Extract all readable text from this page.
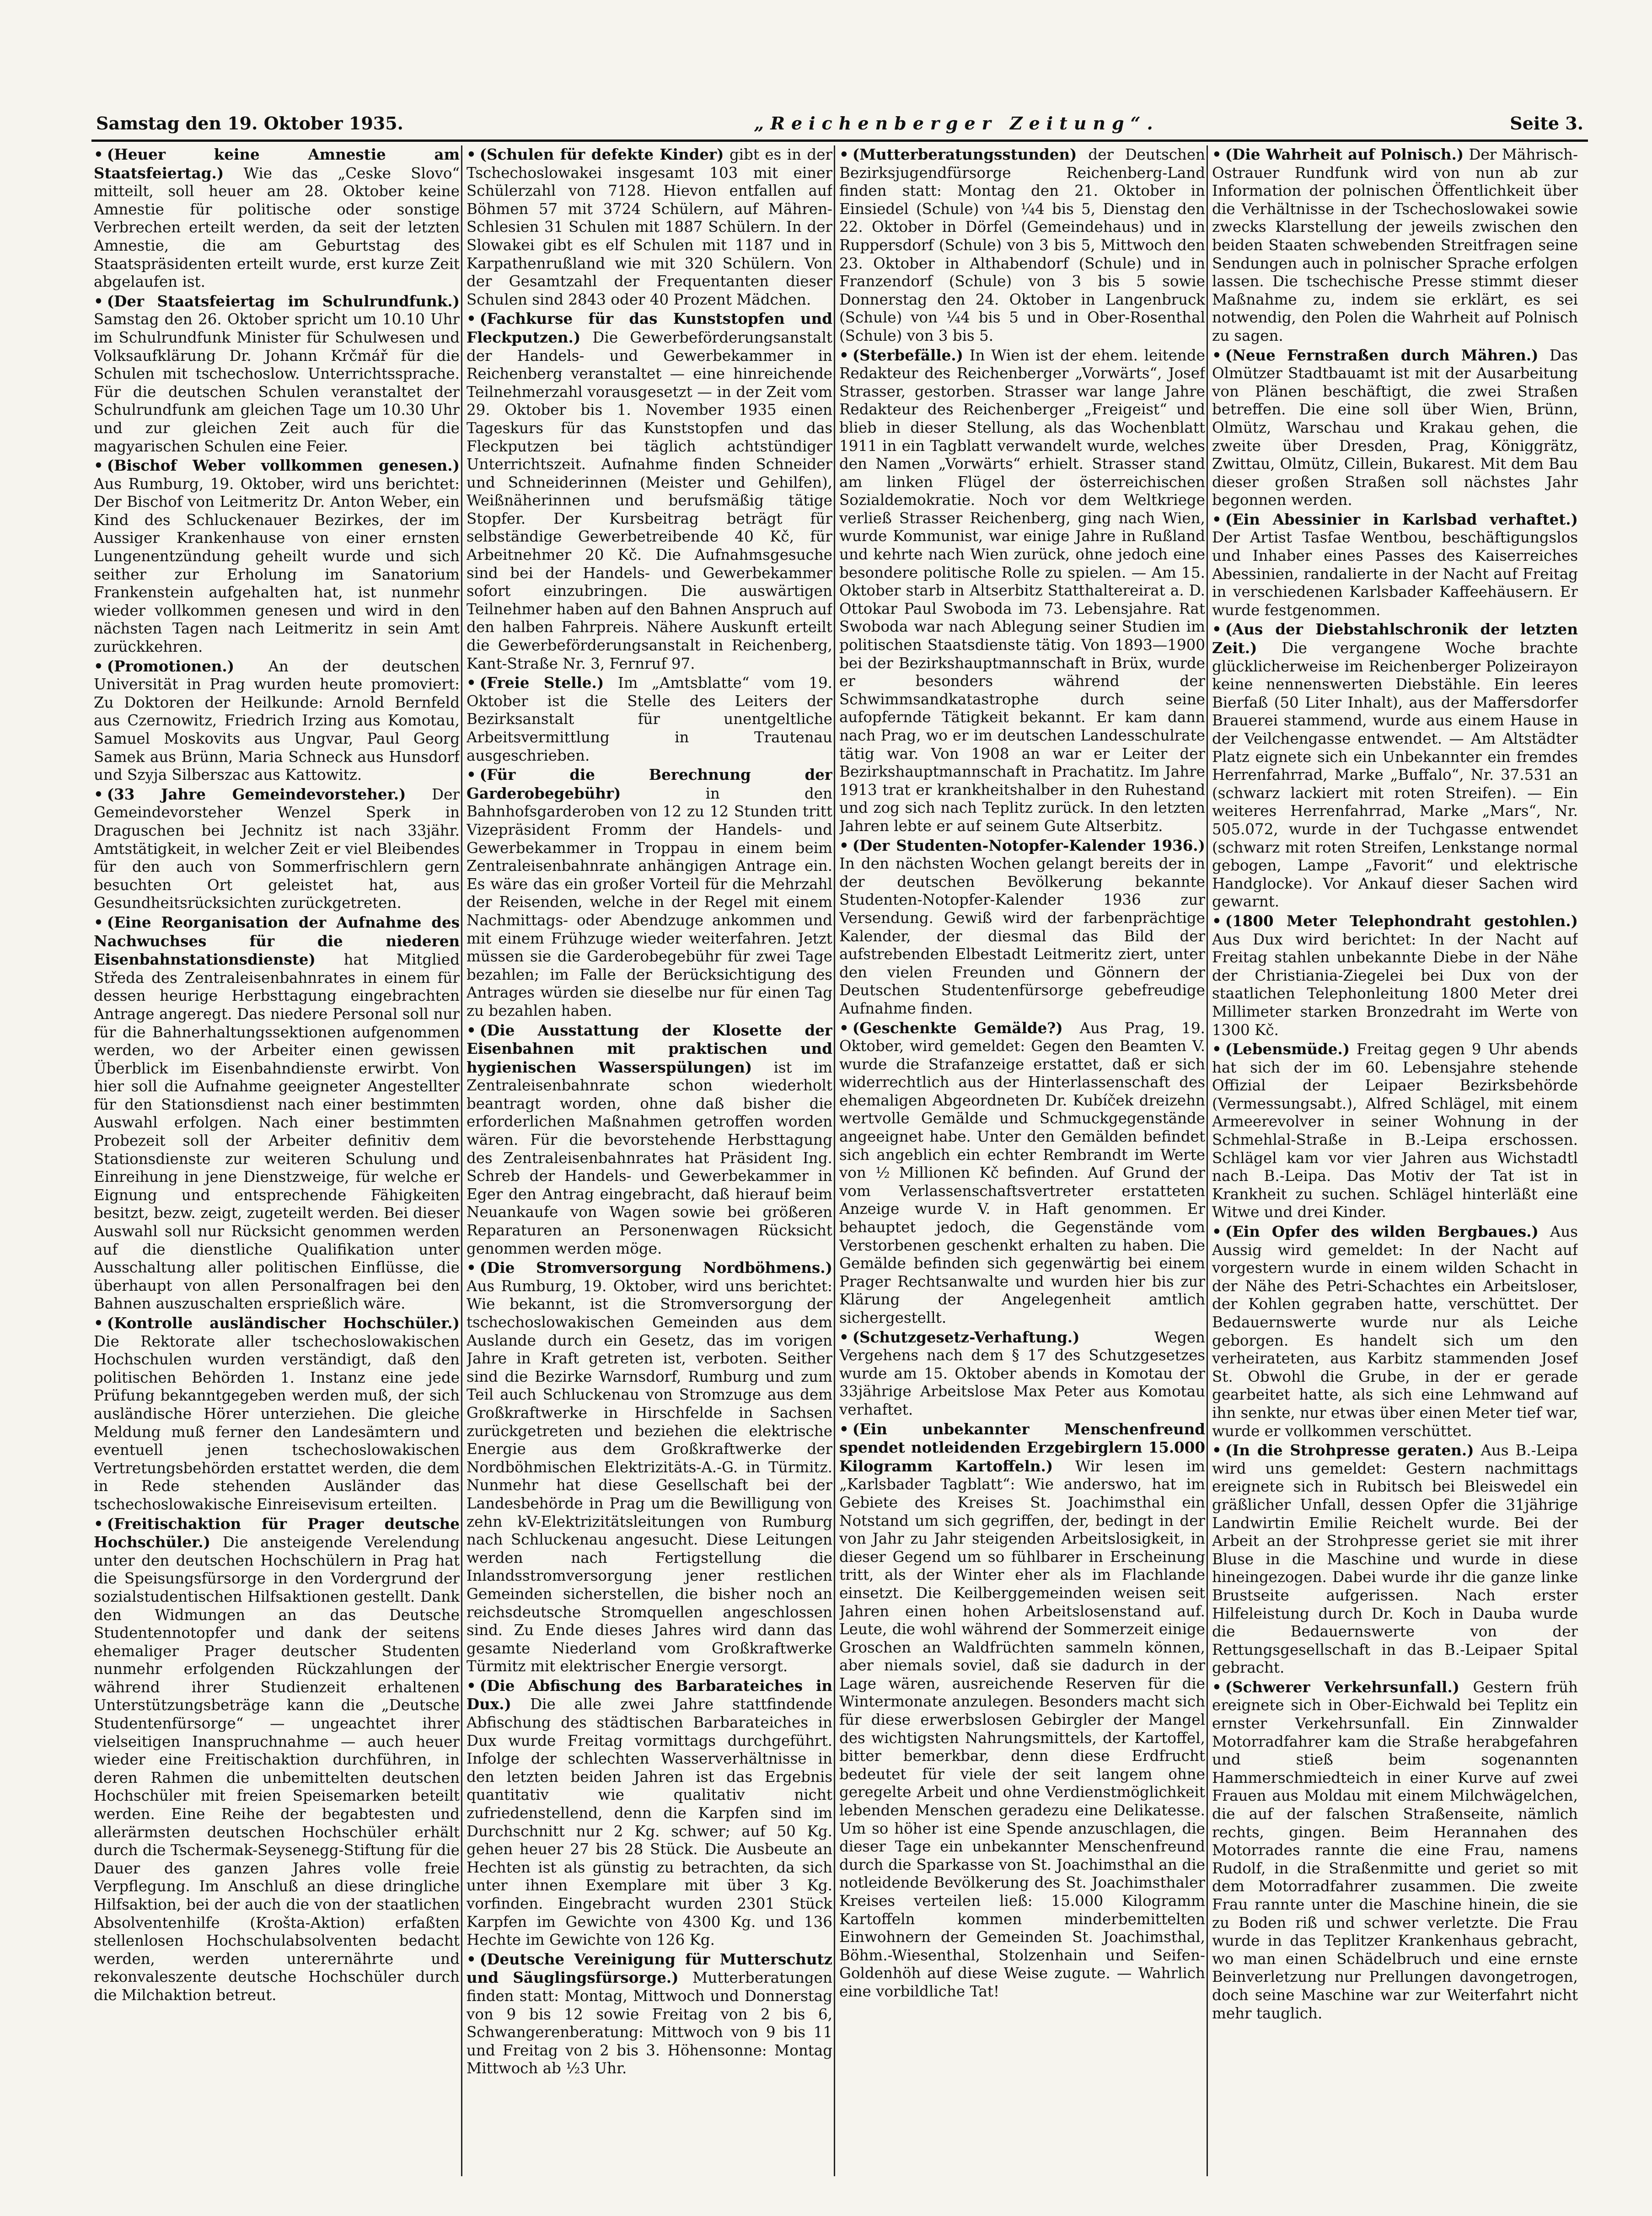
Samstag den 19. Oktober 1935.	„Reichenberger Zeitung“.	Seite 3.

• (Heuer keine Amnestie am Staatsfeiertag.) Wie das „Ceske Slovo“ mitteilt, soll heuer am 28. Oktober keine Amnestie für politische oder sonstige Verbrechen erteilt werden, da seit der letzten Amnestie, die am Geburtstag des Staatspräsidenten erteilt wurde, erst kurze Zeit abgelaufen ist.

• (Der Staatsfeiertag im Schulrundfunk.) Samstag den 26. Oktober spricht um 10.10 Uhr im Schulrundfunk Minister für Schulwesen und Volksaufklärung Dr. Johann Krčmář für die Schulen mit tschechoslow. Unterrichtssprache. Für die deutschen Schulen veranstaltet der Schulrundfunk am gleichen Tage um 10.30 Uhr und zur gleichen Zeit auch für die magyarischen Schulen eine Feier.

• (Bischof Weber vollkommen genesen.) Aus Rumburg, 19. Oktober, wird uns berichtet: Der Bischof von Leitmeritz Dr. Anton Weber, ein Kind des Schluckenauer Bezirkes, der im Aussiger Krankenhause von einer ernsten Lungenentzündung geheilt wurde und sich seither zur Erholung im Sanatorium Frankenstein aufgehalten hat, ist nunmehr wieder vollkommen genesen und wird in den nächsten Tagen nach Leitmeritz in sein Amt zurückkehren.

• (Promotionen.) An der deutschen Universität in Prag wurden heute promoviert: Zu Doktoren der Heilkunde: Arnold Bernfeld aus Czernowitz, Friedrich Irzing aus Komotau, Samuel Moskovits aus Ungvar, Paul Georg Samek aus Brünn, Maria Schneck aus Hunsdorf und Szyja Silberszac aus Kattowitz.

• (33 Jahre Gemeindevorsteher.) Der Gemeindevorsteher Wenzel Sperk in Draguschen bei Jechnitz ist nach 33jähr. Amtstätigkeit, in welcher Zeit er viel Bleibendes für den auch von Sommerfrischlern gern besuchten Ort geleistet hat, aus Gesundheitsrücksichten zurückgetreten.

• (Eine Reorganisation der Aufnahme des Nachwuchses für die niederen Eisenbahnstationsdienste) hat Mitglied Středa des Zentraleisenbahnrates in einem für dessen heurige Herbsttagung eingebrachten Antrage angeregt. Das niedere Personal soll nur für die Bahnerhaltungssektionen aufgenommen werden, wo der Arbeiter einen gewissen Überblick im Eisenbahndienste erwirbt. Von hier soll die Aufnahme geeigneter Angestellter für den Stationsdienst nach einer bestimmten Auswahl erfolgen. Nach einer bestimmten Probezeit soll der Arbeiter definitiv dem Stationsdienste zur weiteren Schulung und Einreihung in jene Dienstzweige, für welche er Eignung und entsprechende Fähigkeiten besitzt, bezw. zeigt, zugeteilt werden. Bei dieser Auswahl soll nur Rücksicht genommen werden auf die dienstliche Qualifikation unter Ausschaltung aller politischen Einflüsse, die überhaupt von allen Personalfragen bei den Bahnen auszuschalten ersprießlich wäre.

• (Kontrolle ausländischer Hochschüler.) Die Rektorate aller tschechoslowakischen Hochschulen wurden verständigt, daß den politischen Behörden 1. Instanz eine jede Prüfung bekanntgegeben werden muß, der sich ausländische Hörer unterziehen. Die gleiche Meldung muß ferner den Landesämtern und eventuell jenen tschechoslowakischen Vertretungsbehörden erstattet werden, die dem in Rede stehenden Ausländer das tschechoslowakische Einreisevisum erteilten.

• (Freitischaktion für Prager deutsche Hochschüler.) Die ansteigende Verelendung unter den deutschen Hochschülern in Prag hat die Speisungsfürsorge in den Vordergrund der sozialstudentischen Hilfsaktionen gestellt. Dank den Widmungen an das Deutsche Studentennotopfer und dank der seitens ehemaliger Prager deutscher Studenten nunmehr erfolgenden Rückzahlungen der während ihrer Studienzeit erhaltenen Unterstützungsbeträge kann die „Deutsche Studentenfürsorge“ — ungeachtet ihrer vielseitigen Inanspruchnahme — auch heuer wieder eine Freitischaktion durchführen, in deren Rahmen die unbemittelten deutschen Hochschüler mit freien Speisemarken beteilt werden. Eine Reihe der begabtesten und allerärmsten deutschen Hochschüler erhält durch die Tschermak-Seysenegg-Stiftung für die Dauer des ganzen Jahres volle freie Verpflegung. Im Anschluß an diese dringliche Hilfsaktion, bei der auch die von der staatlichen Absolventenhilfe (Krošta-Aktion) erfaßten stellenlosen Hochschulabsolventen bedacht werden, werden unterernährte und rekonvaleszente deutsche Hochschüler durch die Milchaktion betreut.

• (Schulen für defekte Kinder) gibt es in der Tschechoslowakei insgesamt 103 mit einer Schülerzahl von 7128. Hievon entfallen auf Böhmen 57 mit 3724 Schülern, auf Mähren-Schlesien 31 Schulen mit 1887 Schülern. In der Slowakei gibt es elf Schulen mit 1187 und in Karpathenrußland wie mit 320 Schülern. Von der Gesamtzahl der Frequentanten dieser Schulen sind 2843 oder 40 Prozent Mädchen.

• (Fachkurse für das Kunststopfen und Fleckputzen.) Die Gewerbeförderungsanstalt der Handels- und Gewerbekammer in Reichenberg veranstaltet — eine hinreichende Teilnehmerzahl vorausgesetzt — in der Zeit vom 29. Oktober bis 1. November 1935 einen Tageskurs für das Kunststopfen und das Fleckputzen bei täglich achtstündiger Unterrichtszeit. Aufnahme finden Schneider und Schneiderinnen (Meister und Gehilfen), Weißnäherinnen und berufsmäßig tätige Stopfer. Der Kursbeitrag beträgt für selbständige Gewerbetreibende 40 Kč, für Arbeitnehmer 20 Kč. Die Aufnahmsgesuche sind bei der Handels- und Gewerbekammer sofort einzubringen. Die auswärtigen Teilnehmer haben auf den Bahnen Anspruch auf den halben Fahrpreis. Nähere Auskunft erteilt die Gewerbeförderungsanstalt in Reichenberg, Kant-Straße Nr. 3, Fernruf 97.

• (Freie Stelle.) Im „Amtsblatte“ vom 19. Oktober ist die Stelle des Leiters der Bezirksanstalt für unentgeltliche Arbeitsvermittlung in Trautenau ausgeschrieben.

• (Für die Berechnung der Garderobegebühr)	in den Bahnhofsgarderoben von 12 zu 12 Stunden tritt Vizepräsident Fromm der Handels- und Gewerbekammer in Troppau in einem beim Zentraleisenbahnrate anhängigen Antrage ein. Es wäre das ein großer Vorteil für die Mehrzahl der Reisenden, welche in der Regel mit einem Nachmittags- oder Abendzuge ankommen und mit einem Frühzuge wieder weiterfahren. Jetzt müssen sie die Garderobegebühr für zwei Tage bezahlen; im Falle der Berücksichtigung des Antrages würden sie dieselbe nur für einen Tag zu bezahlen haben.

• (Die Ausstattung der Klosette der Eisenbahnen mit praktischen und hygienischen Wasserspülungen) ist im Zentraleisenbahnrate schon wiederholt beantragt worden, ohne daß bisher die erforderlichen Maßnahmen getroffen worden wären. Für die bevorstehende Herbsttagung des Zentraleisenbahnrates hat Präsident Ing. Schreb der Handels- und Gewerbekammer in Eger den Antrag eingebracht, daß hierauf beim Neuankaufe von Wagen sowie bei größeren Reparaturen an Personenwagen Rücksicht genommen werden möge.

• (Die Stromversorgung Nordböhmens.) Aus Rumburg, 19. Oktober, wird uns berichtet: Wie bekannt, ist die Stromversorgung der tschechoslowakischen Gemeinden aus dem Auslande durch ein Gesetz, das im vorigen Jahre in Kraft getreten ist, verboten. Seither sind die Bezirke Warnsdorf, Rumburg und zum Teil auch Schluckenau von Stromzuge aus dem Großkraftwerke in Hirschfelde in Sachsen zurückgetreten und beziehen die elektrische Energie aus dem Großkraftwerke der Nordböhmischen Elektrizitäts-A.-G. in Türmitz. Nunmehr hat diese Gesellschaft bei der Landesbehörde in Prag um die Bewilligung von zehn kV-Elektrizitätsleitungen von Rumburg nach Schluckenau angesucht. Diese Leitungen werden nach Fertigstellung die Inlandsstromversorgung jener restlichen Gemeinden sicherstellen, die bisher noch an reichsdeutsche Stromquellen angeschlossen sind. Zu Ende dieses Jahres wird dann das gesamte Niederland vom Großkraftwerke Türmitz mit elektrischer Energie versorgt.

• (Die Abfischung des Barbarateiches in Dux.) Die alle zwei Jahre stattfindende Abfischung des städtischen Barbarateiches in Dux wurde Freitag vormittags durchgeführt. Infolge der schlechten Wasserverhältnisse in den letzten beiden Jahren ist das Ergebnis quantitativ wie qualitativ nicht zufriedenstellend, denn die Karpfen sind im Durchschnitt nur 2 Kg. schwer; auf 50 Kg. gehen heuer 27 bis 28 Stück. Die Ausbeute an Hechten ist als günstig zu betrachten, da sich unter ihnen Exemplare mit über 3 Kg. vorfinden. Eingebracht wurden 2301 Stück Karpfen im Gewichte von 4300 Kg. und 136 Hechte im Gewichte von 126 Kg.

• (Deutsche Vereinigung für Mutterschutz und Säuglingsfürsorge.) Mutterberatungen finden statt: Montag, Mittwoch und Donnerstag von 9 bis 12 sowie Freitag von 2 bis 6, Schwangerenberatung: Mittwoch von 9 bis 11 und Freitag von 2 bis 3. Höhensonne: Montag Mittwoch ab ½3 Uhr.

• (Mutterberatungsstunden) der Deutschen Bezirksjugendfürsorge Reichenberg-Land finden statt: Montag den 21. Oktober in Einsiedel (Schule) von ¼4 bis 5, Dienstag den 22. Oktober in Dörfel (Gemeindehaus) und in Ruppersdorf (Schule) von 3 bis 5, Mittwoch den 23. Oktober in Althabendorf (Schule) und in Franzendorf (Schule) von 3 bis 5 sowie Donnerstag den 24. Oktober in Langenbruck (Schule) von ¼4 bis 5 und in Ober-Rosenthal (Schule) von 3 bis 5.

• (Sterbefälle.) In Wien ist der ehem. leitende Redakteur des Reichenberger „Vorwärts“, Josef Strasser, gestorben. Strasser war lange Jahre Redakteur des Reichenberger „Freigeist“ und blieb in dieser Stellung, als das Wochenblatt 1911 in ein Tagblatt verwandelt wurde, welches den Namen „Vorwärts“ erhielt. Strasser stand am linken Flügel der österreichischen Sozialdemokratie. Noch vor dem Weltkriege verließ Strasser Reichenberg, ging nach Wien, wurde Kommunist, war einige Jahre in Rußland und kehrte nach Wien zurück, ohne jedoch eine besondere politische Rolle zu spielen. — Am 15. Oktober starb in Altserbitz Statthaltereirat a. D. Ottokar Paul Swoboda im 73. Lebensjahre. Rat Swoboda war nach Ablegung seiner Studien im politischen Staatsdienste tätig. Von 1893—1900 bei der Bezirkshauptmannschaft in Brüx, wurde er besonders während der Schwimmsandkatastrophe durch seine aufopfernde Tätigkeit bekannt. Er kam dann nach Prag, wo er im deutschen Landesschulrate tätig war. Von 1908 an war er Leiter der Bezirkshauptmannschaft in Prachatitz. Im Jahre 1913 trat er krankheitshalber in den Ruhestand und zog sich nach Teplitz zurück. In den letzten Jahren lebte er auf seinem Gute Altserbitz.

• (Der Studenten-Notopfer-Kalender 1936.) In den nächsten Wochen gelangt bereits der in der deutschen Bevölkerung bekannte Studenten-Notopfer-Kalender 1936 zur Versendung. Gewiß wird der farbenprächtige Kalender, der diesmal das Bild der aufstrebenden Elbestadt Leitmeritz ziert, unter den vielen Freunden und Gönnern der Deutschen Studentenfürsorge gebefreudige Aufnahme finden.

• (Geschenkte Gemälde?) Aus Prag, 19. Oktober, wird gemeldet: Gegen den Beamten V. wurde die Strafanzeige erstattet, daß er sich widerrechtlich aus der Hinterlassenschaft des ehemaligen Abgeordneten Dr. Kubíček dreizehn wertvolle Gemälde und Schmuckgegenstände angeeignet habe. Unter den Gemälden befindet sich angeblich ein echter Rembrandt im Werte von ½ Millionen Kč befinden. Auf Grund der vom Verlassenschaftsvertreter erstatteten Anzeige wurde V. in Haft genommen. Er behauptet jedoch, die Gegenstände vom Verstorbenen geschenkt erhalten zu haben. Die Gemälde befinden sich gegenwärtig bei einem Prager Rechtsanwalte und wurden hier bis zur Klärung der Angelegenheit amtlich sichergestellt.

• (Schutzgesetz-Verhaftung.)	Wegen Vergehens nach dem § 17 des Schutzgesetzes wurde am 15. Oktober abends in Komotau der 33jährige Arbeitslose Max Peter aus Komotau verhaftet.

• (Ein unbekannter Menschenfreund spendet notleidenden Erzgebirglern 15.000 Kilogramm Kartoffeln.) Wir lesen im „Karlsbader Tagblatt“: Wie anderswo, hat im Gebiete des Kreises St. Joachimsthal ein Notstand um sich gegriffen, der, bedingt in der von Jahr zu Jahr steigenden Arbeitslosigkeit, in dieser Gegend um so fühlbarer in Erscheinung tritt, als der Winter eher als im Flachlande einsetzt. Die Keilberggemeinden weisen seit Jahren einen hohen Arbeitslosenstand auf. Leute, die wohl während der Sommerzeit einige Groschen an Waldfrüchten sammeln können, aber niemals soviel, daß sie dadurch in der Lage wären, ausreichende Reserven für die Wintermonate anzulegen. Besonders macht sich für diese erwerbslosen Gebirgler der Mangel des wichtigsten Nahrungsmittels, der Kartoffel, bitter bemerkbar, denn diese Erdfrucht bedeutet für viele der seit langem ohne geregelte Arbeit und ohne Verdienstmöglichkeit lebenden Menschen geradezu eine Delikatesse. Um so höher ist eine Spende anzuschlagen, die dieser Tage ein unbekannter Menschenfreund durch die Sparkasse von St. Joachimsthal an die notleidende Bevölkerung des St. Joachimsthaler Kreises verteilen ließ: 15.000 Kilogramm Kartoffeln kommen minderbemittelten Einwohnern der Gemeinden St. Joachimsthal, Böhm.-Wiesenthal, Stolzenhain und Seifen-Goldenhöh auf diese Weise zugute. — Wahrlich eine vorbildliche Tat!

• (Die Wahrheit auf Polnisch.) Der Mährisch-Ostrauer Rundfunk wird von nun ab zur Information der polnischen Öffentlichkeit über die Verhältnisse in der Tschechoslowakei sowie zwecks Klarstellung der jeweils zwischen den beiden Staaten schwebenden Streitfragen seine Sendungen auch in polnischer Sprache erfolgen lassen. Die tschechische Presse stimmt dieser Maßnahme zu, indem sie erklärt, es sei notwendig, den Polen die Wahrheit auf Polnisch zu sagen.

• (Neue Fernstraßen durch Mähren.) Das Olmützer Stadtbauamt ist mit der Ausarbeitung von Plänen beschäftigt, die zwei Straßen betreffen. Die eine soll über Wien, Brünn, Olmütz, Warschau und Krakau gehen, die zweite über Dresden, Prag, Königgrätz, Zwittau, Olmütz, Cillein, Bukarest. Mit dem Bau dieser großen Straßen soll nächstes Jahr begonnen werden.

• (Ein Abessinier in Karlsbad verhaftet.) Der Artist Tasfae Wentbou, beschäftigungslos und Inhaber eines Passes des Kaiserreiches Abessinien, randalierte in der Nacht auf Freitag in verschiedenen Karlsbader Kaffeehäusern. Er wurde festgenommen.

• (Aus der Diebstahlschronik der letzten Zeit.) Die vergangene Woche brachte glücklicherweise im Reichenberger Polizeirayon keine nennenswerten Diebstähle. Ein leeres Bierfaß (50 Liter Inhalt), aus der Maffersdorfer Brauerei stammend, wurde aus einem Hause in der Veilchengasse entwendet. — Am Altstädter Platz eignete sich ein Unbekannter ein fremdes Herrenfahrrad, Marke „Buffalo“, Nr. 37.531 an (schwarz lackiert mit roten Streifen). — Ein weiteres Herrenfahrrad, Marke „Mars“, Nr. 505.072, wurde in der Tuchgasse entwendet (schwarz mit roten Streifen, Lenkstange normal gebogen, Lampe „Favorit“ und elektrische Handglocke). Vor Ankauf dieser Sachen wird gewarnt.

• (1800 Meter Telephondraht gestohlen.) Aus Dux wird berichtet: In der Nacht auf Freitag stahlen unbekannte Diebe in der Nähe der Christiania-Ziegelei bei Dux von der staatlichen Telephonleitung 1800 Meter drei Millimeter starken Bronzedraht im Werte von 1300 Kč.

• (Lebensmüde.) Freitag gegen 9 Uhr abends hat sich der im 60. Lebensjahre stehende Offizial der Leipaer Bezirksbehörde (Vermessungsabt.), Alfred Schlägel, mit einem Armeerevolver in seiner Wohnung in der Schmehlal-Straße in B.-Leipa erschossen. Schlägel kam vor vier Jahren aus Wichstadtl nach B.-Leipa. Das Motiv der Tat ist in Krankheit zu suchen. Schlägel hinterläßt eine Witwe und drei Kinder.

• (Ein Opfer des wilden Bergbaues.) Aus Aussig wird gemeldet: In der Nacht auf vorgestern wurde in einem wilden Schacht in der Nähe des Petri-Schachtes ein Arbeitsloser, der Kohlen gegraben hatte, verschüttet. Der Bedauernswerte wurde nur als Leiche geborgen. Es handelt sich um den verheirateten, aus Karbitz stammenden Josef St. Obwohl die Grube, in der er gerade gearbeitet hatte, als sich eine Lehmwand auf ihn senkte, nur etwas über einen Meter tief war, wurde er vollkommen verschüttet.

• (In die Strohpresse geraten.) Aus B.-Leipa wird uns gemeldet: Gestern nachmittags ereignete sich in Rubitsch bei Bleiswedel ein gräßlicher Unfall, dessen Opfer die 31jährige Landwirtin Emilie Reichelt wurde. Bei der Arbeit an der Strohpresse geriet sie mit ihrer Bluse in die Maschine und wurde in diese hineingezogen. Dabei wurde ihr die ganze linke Brustseite aufgerissen. Nach erster Hilfeleistung durch Dr. Koch in Dauba wurde die Bedauernswerte von der Rettungsgesellschaft in das B.-Leipaer Spital gebracht.

• (Schwerer Verkehrsunfall.) Gestern früh ereignete sich in Ober-Eichwald bei Teplitz ein ernster Verkehrsunfall. Ein Zinnwalder Motorradfahrer kam die Straße herabgefahren und stieß beim sogenannten Hammerschmiedteich in einer Kurve auf zwei Frauen aus Moldau mit einem Milchwägelchen, die auf der falschen Straßenseite, nämlich rechts, gingen. Beim Herannahen des Motorrades rannte die eine Frau, namens Rudolf, in die Straßenmitte und geriet so mit dem Motorradfahrer zusammen. Die zweite Frau rannte unter die Maschine hinein, die sie zu Boden riß und schwer verletzte. Die Frau wurde in das Teplitzer Krankenhaus gebracht, wo man einen Schädelbruch und eine ernste Beinverletzung nur Prellungen davongetrogen, doch seine Maschine war zur Weiterfahrt nicht mehr tauglich.
